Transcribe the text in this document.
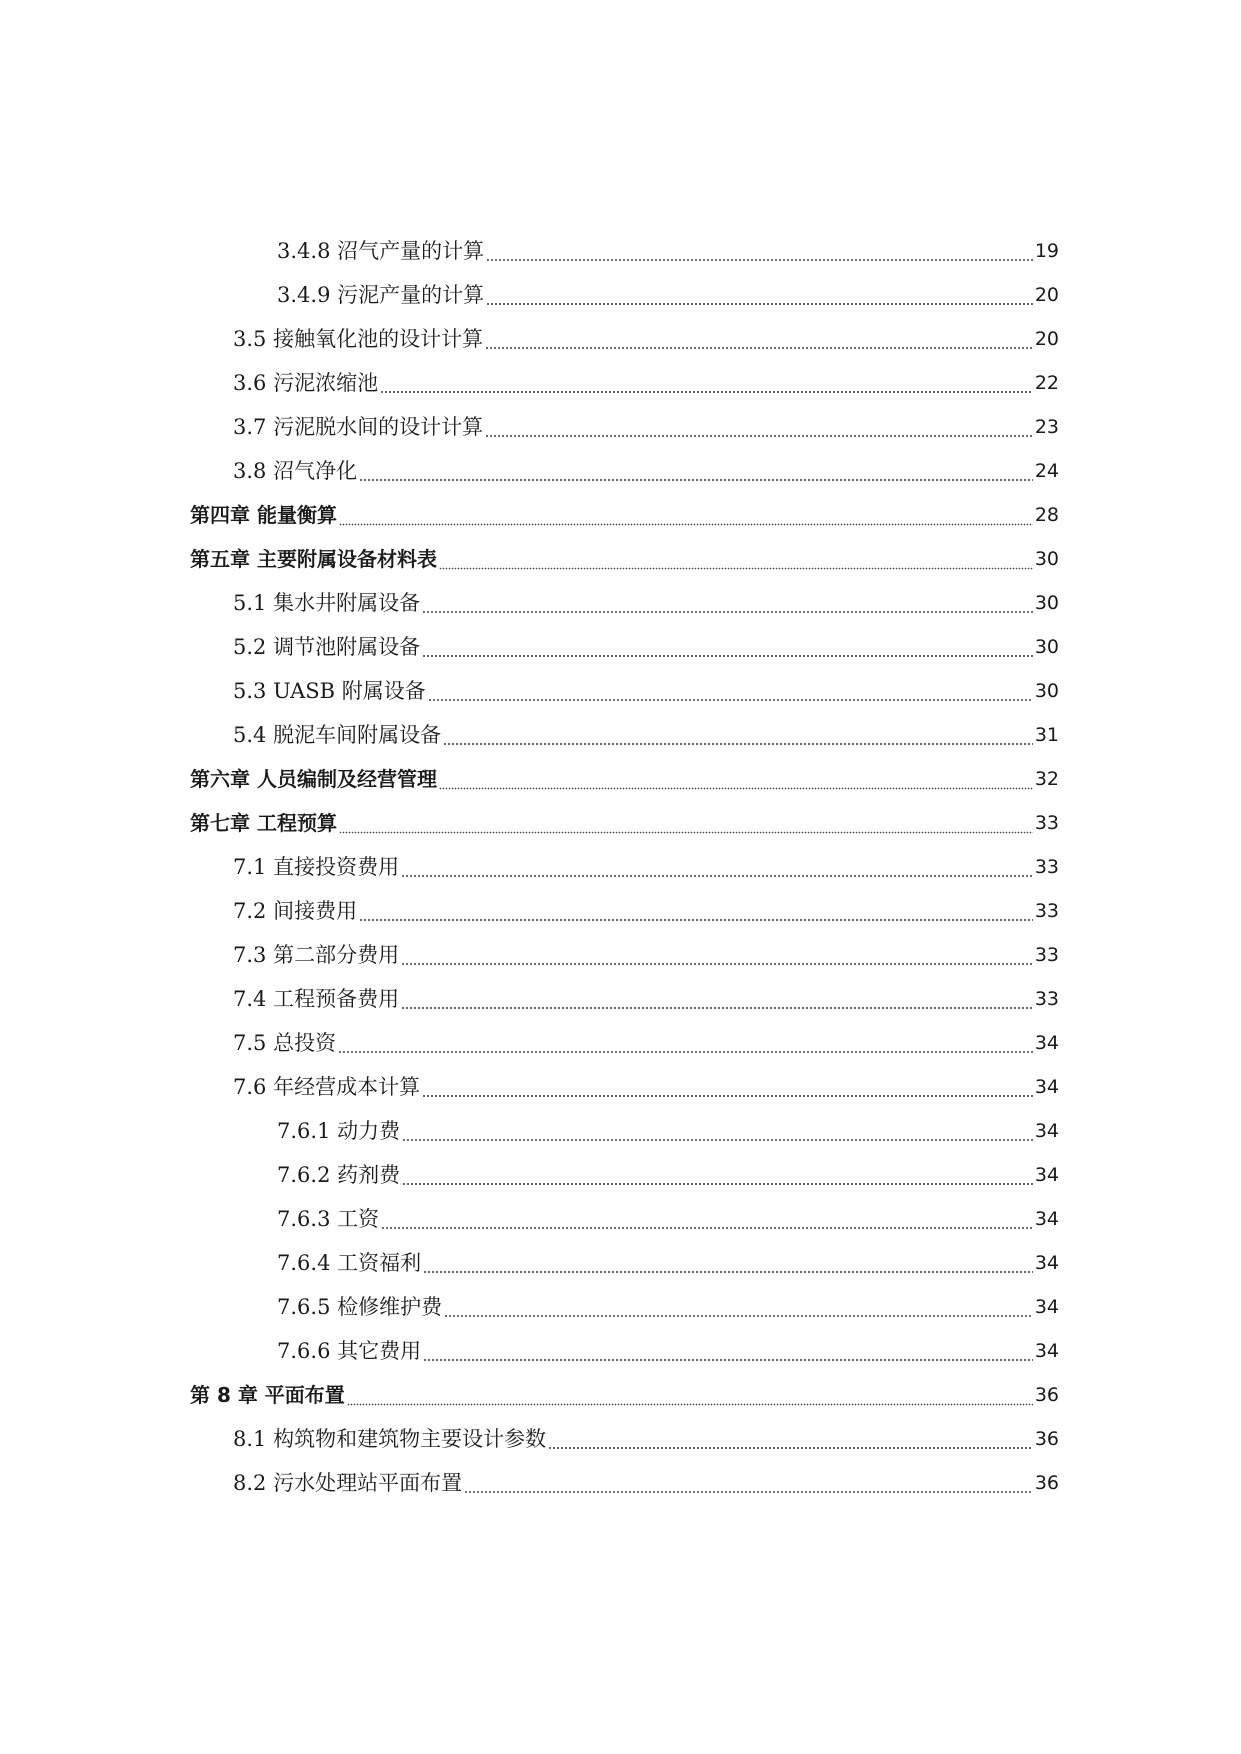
3.4.8 沼气产量的计算	19
3.4.9 污泥产量的计算	20
3.5 接触氧化池的设计计算	20
3.6 污泥浓缩池	22
3.7 污泥脱水间的设计计算	23
3.8 沼气净化	24
第四章 能量衡算	28
第五章 主要附属设备材料表	30
5.1 集水井附属设备	30
5.2 调节池附属设备	30
5.3 UASB 附属设备	30
5.4 脱泥车间附属设备	31
第六章 人员编制及经营管理	32
第七章 工程预算	33
7.1 直接投资费用	33
7.2 间接费用	33
7.3 第二部分费用	33
7.4 工程预备费用	33
7.5 总投资	34
7.6 年经营成本计算	34
7.6.1 动力费	34
7.6.2 药剂费	34
7.6.3 工资	34
7.6.4 工资福利	34
7.6.5 检修维护费	34
7.6.6 其它费用	34
第 8 章 平面布置	36
8.1 构筑物和建筑物主要设计参数	36
8.2 污水处理站平面布置	36
